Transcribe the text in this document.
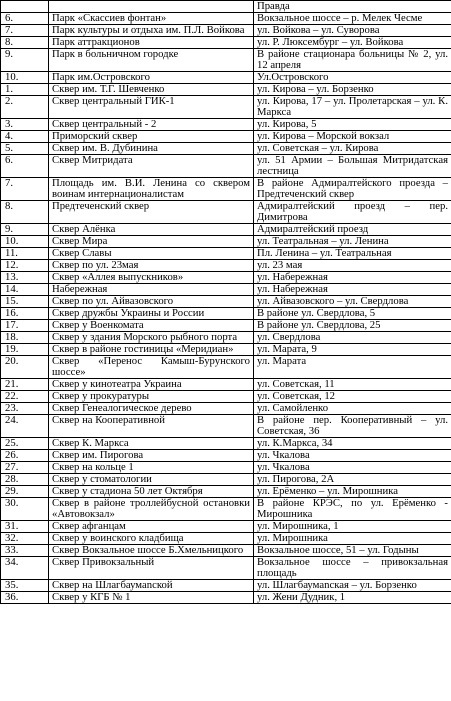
		Правда
6.	Парк «Скассиев фонтан»	Вокзальное шоссе – р. Мелек Чесме
7.	Парк культуры и отдыха им. П.Л. Войкова	ул. Войкова – ул. Суворова
8.	Парк аттракционов	ул. Р. Люксембург – ул. Войкова
9.	Парк в больничном городке	В районе стационара больницы № 2, ул. 12 апреля
10.	Парк им.Островского	Ул.Островского
1.	Сквер им. Т.Г. Шевченко	ул. Кирова – ул. Борзенко
2.	Сквер центральный ГИК-1	ул. Кирова, 17 – ул. Пролетарская – ул. К. Маркса
3.	Сквер центральный - 2	ул. Кирова, 5
4.	Приморский сквер	ул. Кирова – Морской вокзал
5.	Сквер им. В. Дубинина	ул. Советская – ул. Кирова
6.	Сквер Митридата	ул. 51 Армии – Большая Митридатская лестница
7.	Площадь им. В.И. Ленина со сквером воинам интернационалистам	В районе Адмиралтейского проезда – Предтеченский сквер
8.	Предтеченский сквер	Адмиралтейский проезд – пер. Димитрова
9.	Сквер Алёнка	Адмиралтейский проезд
10.	Сквер Мира	ул. Театральная – ул. Ленина
11.	Сквер Славы	Пл. Ленина – ул. Театральная
12.	Сквер по ул. 23мая	ул. 23 мая
13.	Сквер «Аллея выпускников»	ул. Набережная
14.	Набережная	ул. Набережная
15.	Сквер по ул. Айвазовского	ул. Айвазовского – ул. Свердлова
16.	Сквер дружбы Украины и России	В районе ул. Свердлова, 5
17.	Сквер у Военкомата	В районе ул. Свердлова, 25
18.	Сквер у здания Морского рыбного порта	ул. Свердлова
19.	Сквер в районе гостиницы «Меридиан»	ул. Марата, 9
20.	Сквер «Перенос Камыш-Бурунского шоссе»	ул. Марата
21.	Сквер у кинотеатра Украина	ул. Советская, 11
22.	Сквер у прокуратуры	ул. Советская, 12
23.	Сквер Генеалогическое дерево	ул. Самойленко
24.	Сквер на Кооперативной	В районе пер. Кооперативный – ул. Советская, 36
25.	Сквер К. Маркса	ул. К.Маркса, 34
26.	Сквер им. Пирогова	ул. Чкалова
27.	Сквер на кольце 1	ул. Чкалова
28.	Сквер у стоматологии	ул. Пирогова, 2А
29.	Сквер у стадиона 50 лет Октября	ул. Ерёменко – ул. Мирошника
30.	Сквер в районе троллейбусной остановки «Автовокзал»	В районе КРЭС, по ул. Ерёменко - Мирошника
31.	Сквер афганцам	ул. Мирошника, 1
32.	Сквер у воинского кладбища	ул. Мирошника
33.	Сквер Вокзальное шоссе Б.Хмельницкого	Вокзальное шоссе, 51 – ул. Годыны
34.	Сквер Привокзальный	Вокзальное шоссе – привокзальная площадь
35.	Сквер на Шлагбаумanской	ул. Шлагбаумanская – ул. Борзенко
36.	Сквер у КГБ № 1	ул. Жени Дудник, 1
